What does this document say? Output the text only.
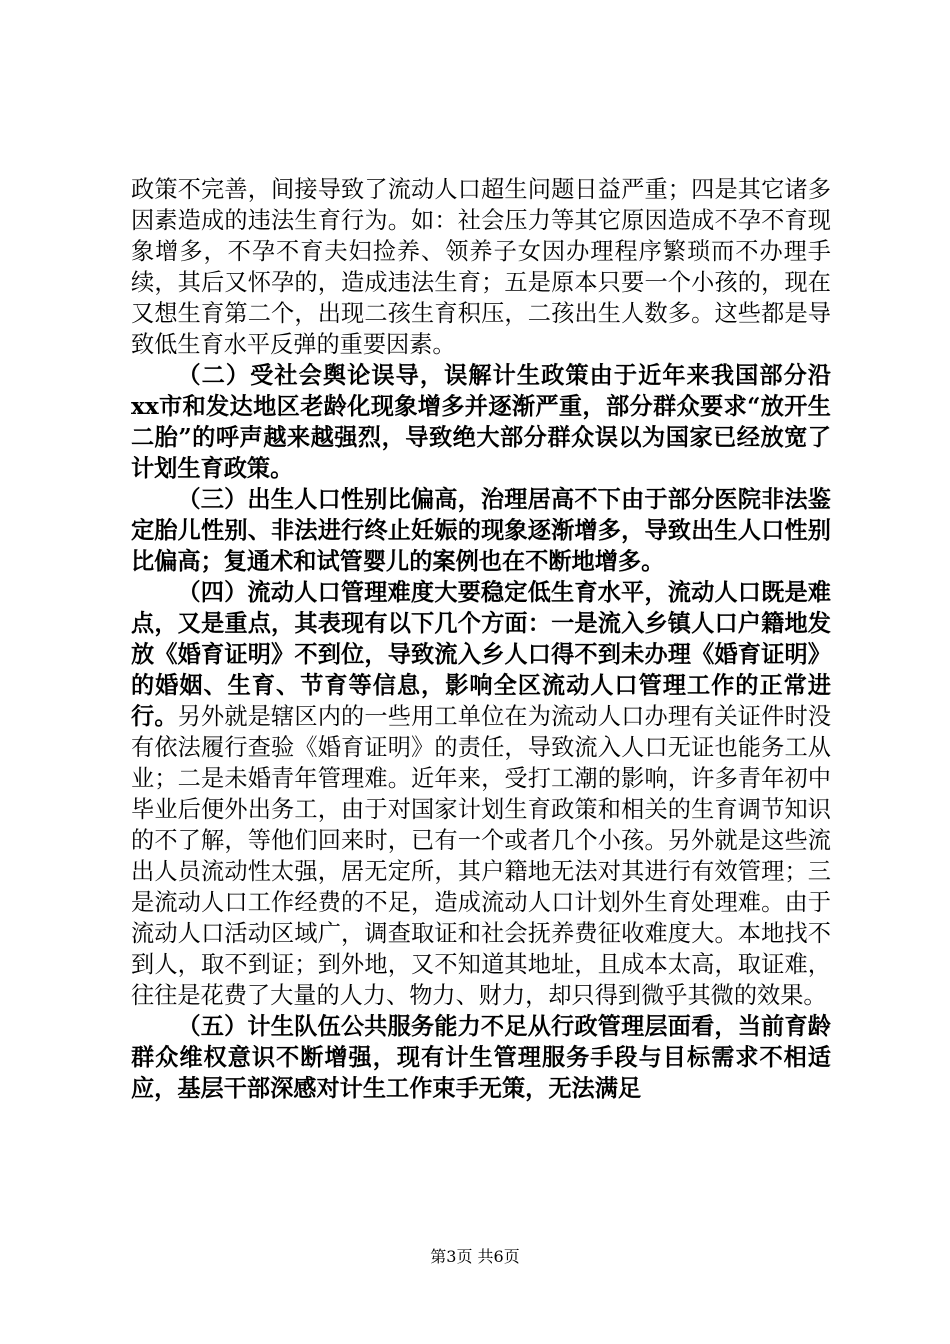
政策不完善，间接导致了流动人口超生问题日益严重；四是其它诸多因素造成的违法生育行为。如：社会压力等其它原因造成不孕不育现象增多，不孕不育夫妇捡养、领养子女因办理程序繁琐而不办理手续，其后又怀孕的，造成违法生育；五是原本只要一个小孩的，现在又想生育第二个，出现二孩生育积压，二孩出生人数多。这些都是导致低生育水平反弹的重要因素。

（二）受社会舆论误导，误解计生政策由于近年来我国部分沿xx市和发达地区老龄化现象增多并逐渐严重，部分群众要求“放开生二胎”的呼声越来越强烈，导致绝大部分群众误以为国家已经放宽了计划生育政策。

（三）出生人口性别比偏高，治理居高不下由于部分医院非法鉴定胎儿性别、非法进行终止妊娠的现象逐渐增多，导致出生人口性别比偏高；复通术和试管婴儿的案例也在不断地增多。

（四）流动人口管理难度大要稳定低生育水平，流动人口既是难点，又是重点，其表现有以下几个方面：一是流入乡镇人口户籍地发放《婚育证明》不到位，导致流入乡人口得不到未办理《婚育证明》的婚姻、生育、节育等信息，影响全区流动人口管理工作的正常进行。另外就是辖区内的一些用工单位在为流动人口办理有关证件时没有依法履行查验《婚育证明》的责任，导致流入人口无证也能务工从业；二是未婚青年管理难。近年来，受打工潮的影响，许多青年初中毕业后便外出务工，由于对国家计划生育政策和相关的生育调节知识的不了解，等他们回来时，已有一个或者几个小孩。另外就是这些流出人员流动性太强，居无定所，其户籍地无法对其进行有效管理；三是流动人口工作经费的不足，造成流动人口计划外生育处理难。由于流动人口活动区域广，调查取证和社会抚养费征收难度大。本地找不到人，取不到证；到外地，又不知道其地址，且成本太高，取证难，往往是花费了大量的人力、物力、财力，却只得到微乎其微的效果。

（五）计生队伍公共服务能力不足从行政管理层面看，当前育龄群众维权意识不断增强，现有计生管理服务手段与目标需求不相适应，基层干部深感对计生工作束手无策，无法满足

第3页 共6页
